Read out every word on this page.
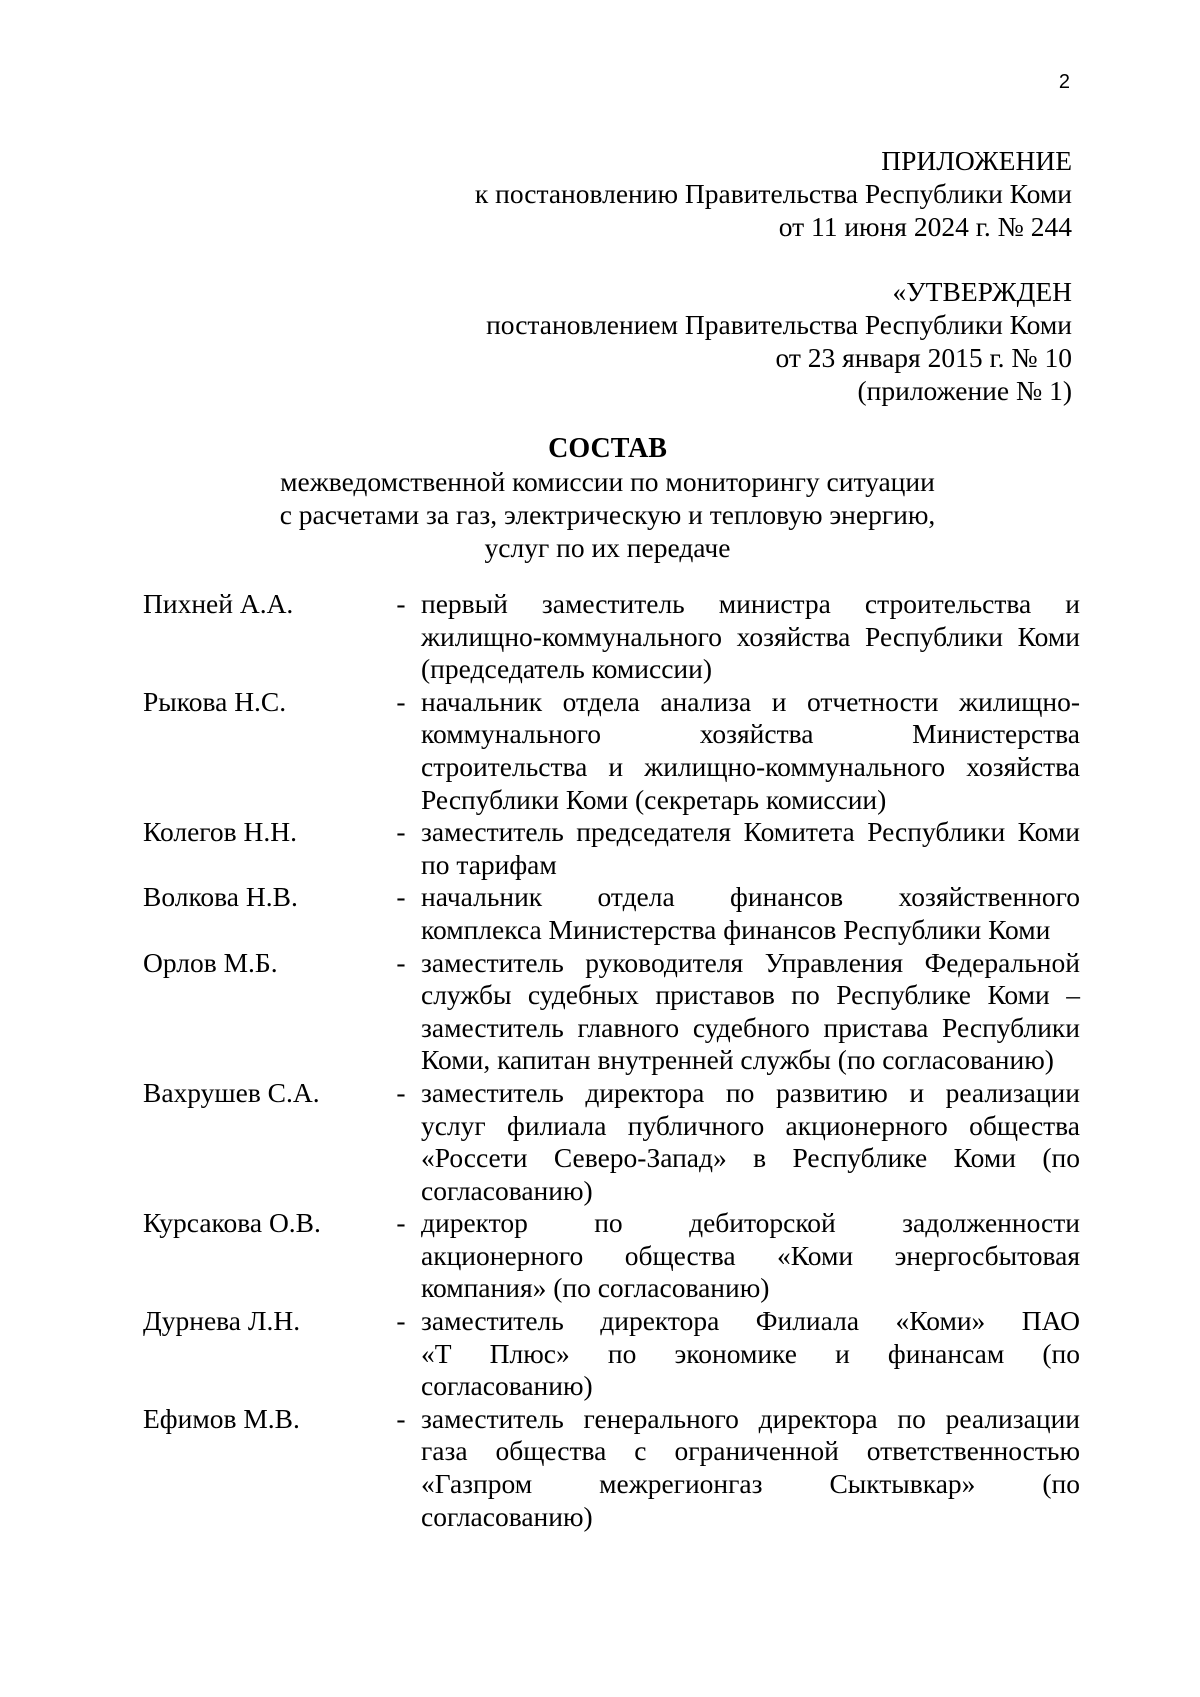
2
ПРИЛОЖЕНИЕ
к постановлению Правительства Республики Коми
от 11 июня 2024 г. № 244
«УТВЕРЖДЕН
постановлением Правительства Республики Коми
от 23 января 2015 г. № 10
(приложение № 1)
СОСТАВ
межведомственной комиссии по мониторингу ситуации
с расчетами за газ, электрическую и тепловую энергию,
услуг по их передаче
Пихней А.А.	- первый заместитель министра строительства и
жилищно-коммунального хозяйства Республики Коми
(председатель комиссии)
Рыкова Н.С.	- начальник отдела анализа и отчетности жилищно-
коммунального хозяйства Министерства
строительства и жилищно-коммунального хозяйства
Республики Коми (секретарь комиссии)
Колегов Н.Н.	- заместитель председателя Комитета Республики Коми
по тарифам
Волкова Н.В.	- начальник отдела финансов хозяйственного
комплекса Министерства финансов Республики Коми
Орлов М.Б.	- заместитель руководителя Управления Федеральной
службы судебных приставов по Республике Коми –
заместитель главного судебного пристава Республики
Коми, капитан внутренней службы (по согласованию)
Вахрушев С.А.	- заместитель директора по развитию и реализации
услуг филиала публичного акционерного общества
«Россети Северо-Запад» в Республике Коми (по
согласованию)
Курсакова О.В.	- директор по дебиторской задолженности
акционерного общества «Коми энергосбытовая
компания» (по согласованию)
Дурнева Л.Н.	- заместитель директора Филиала «Коми» ПАО
«Т Плюс» по экономике и финансам (по
согласованию)
Ефимов М.В.	- заместитель генерального директора по реализации
газа общества с ограниченной ответственностью
«Газпром межрегионгаз Сыктывкар» (по
согласованию)
